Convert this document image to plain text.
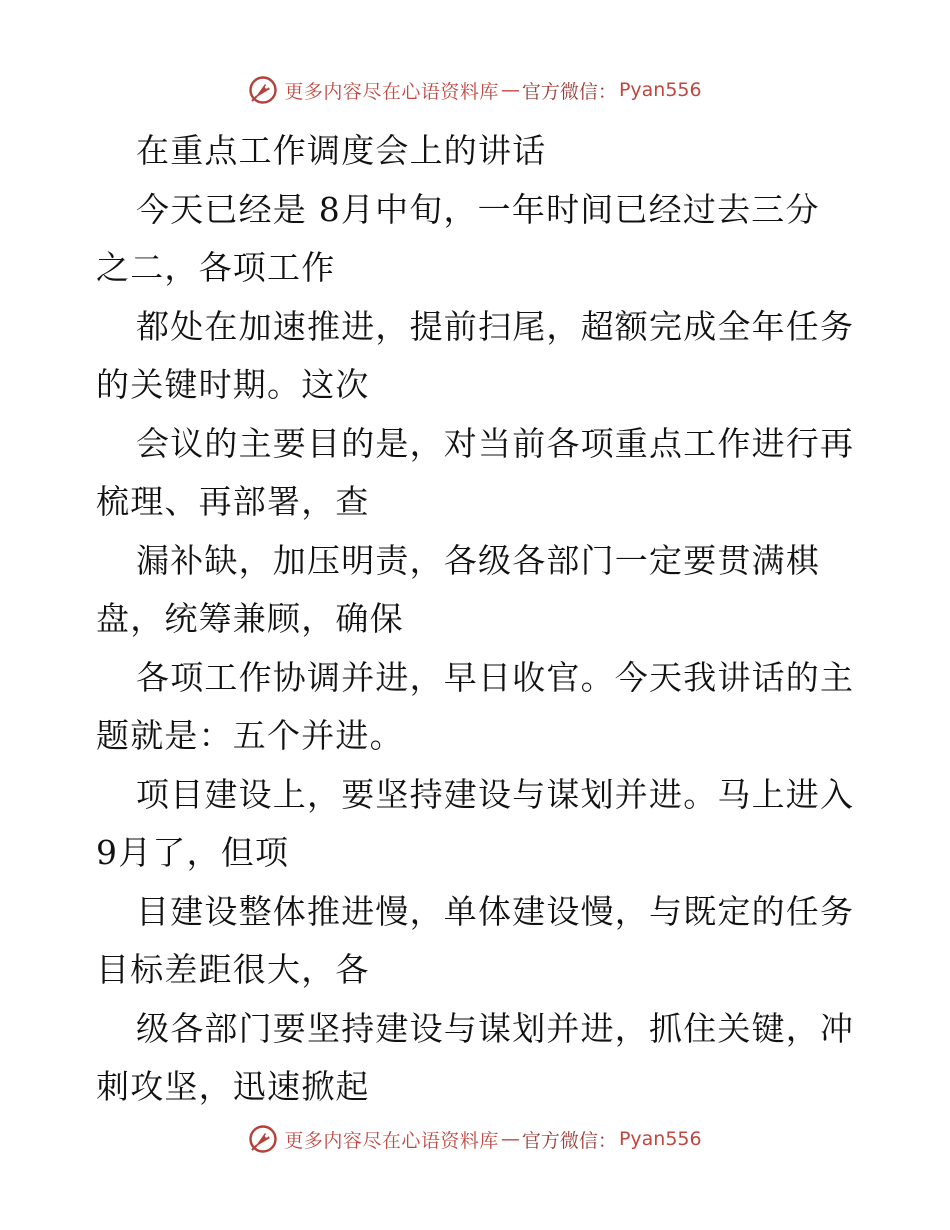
更多内容尽在心语资料库 — 官方微信： Pyan556
在重点工作调度会上的讲话
今天已经是 8月中旬，一年时间已经过去三分
之二，各项工作
都处在加速推进，提前扫尾，超额完成全年任务
的关键时期。这次
会议的主要目的是，对当前各项重点工作进行再
梳理、再部署，查
漏补缺，加压明责，各级各部门一定要贯满棋
盘，统筹兼顾，确保
各项工作协调并进，早日收官。今天我讲话的主
题就是：五个并进。
项目建设上，要坚持建设与谋划并进。马上进入
9月了，但项
目建设整体推进慢，单体建设慢，与既定的任务
目标差距很大，各
级各部门要坚持建设与谋划并进，抓住关键，冲
刺攻坚，迅速掀起
更多内容尽在心语资料库 — 官方微信： Pyan556
